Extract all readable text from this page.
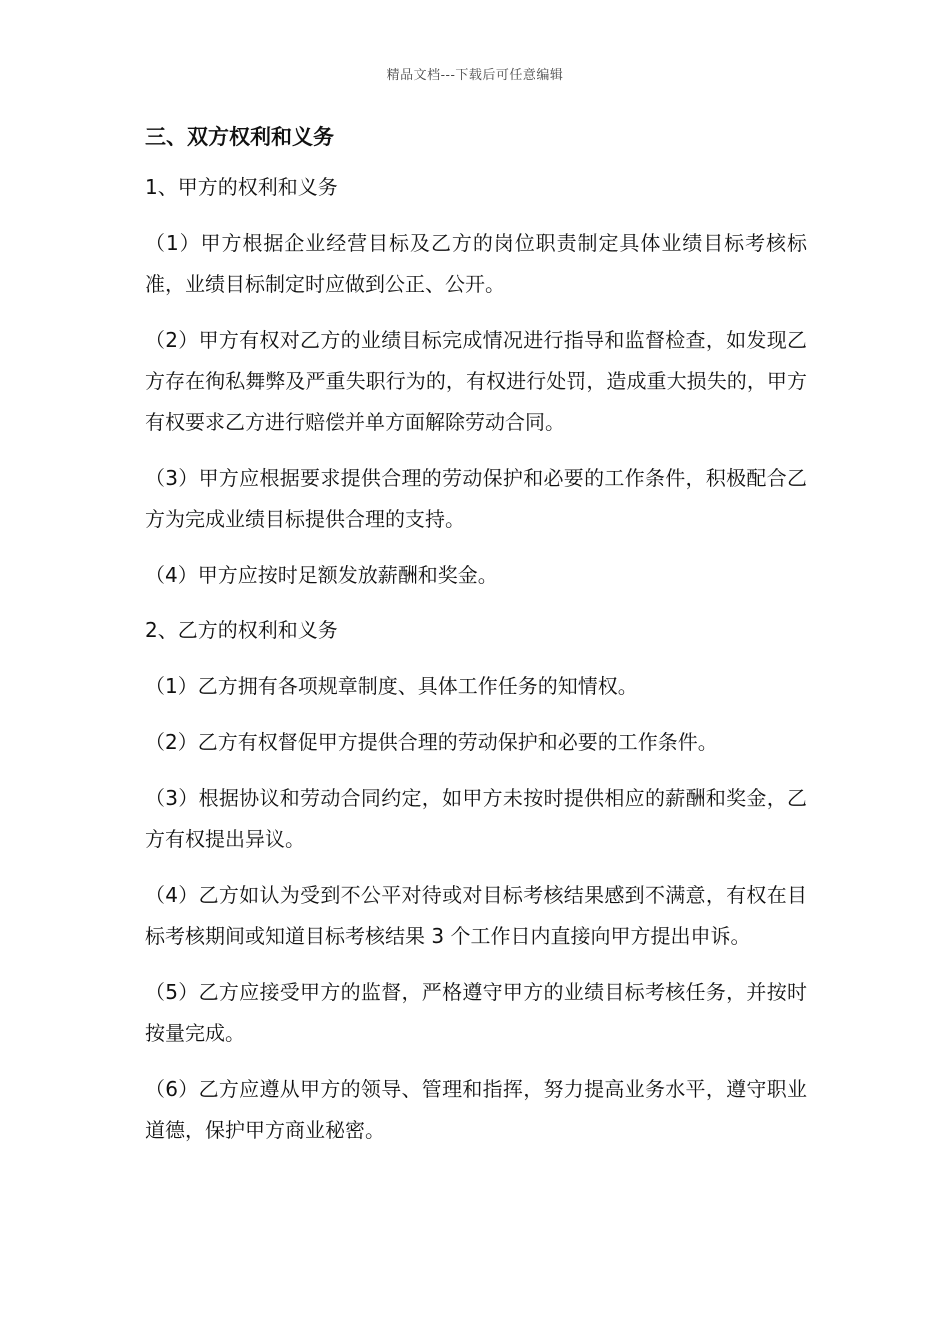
精品文档---下载后可任意编辑
三、双方权利和义务
1、甲方的权利和义务

（1）甲方根据企业经营目标及乙方的岗位职责制定具体业绩目标考核标准，业绩目标制定时应做到公正、公开。

（2）甲方有权对乙方的业绩目标完成情况进行指导和监督检查，如发现乙方存在徇私舞弊及严重失职行为的，有权进行处罚，造成重大损失的，甲方有权要求乙方进行赔偿并单方面解除劳动合同。

（3）甲方应根据要求提供合理的劳动保护和必要的工作条件，积极配合乙方为完成业绩目标提供合理的支持。

（4）甲方应按时足额发放薪酬和奖金。

2、乙方的权利和义务

（1）乙方拥有各项规章制度、具体工作任务的知情权。

（2）乙方有权督促甲方提供合理的劳动保护和必要的工作条件。

（3）根据协议和劳动合同约定，如甲方未按时提供相应的薪酬和奖金，乙方有权提出异议。

（4）乙方如认为受到不公平对待或对目标考核结果感到不满意，有权在目标考核期间或知道目标考核结果 3 个工作日内直接向甲方提出申诉。

（5）乙方应接受甲方的监督，严格遵守甲方的业绩目标考核任务，并按时按量完成。

（6）乙方应遵从甲方的领导、管理和指挥，努力提高业务水平，遵守职业道德，保护甲方商业秘密。
